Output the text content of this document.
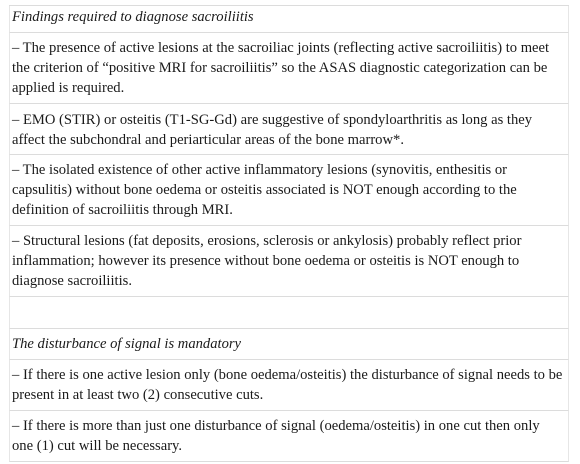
Findings required to diagnose sacroiliitis
– The presence of active lesions at the sacroiliac joints (reflecting active sacroiliitis) to meet the criterion of “positive MRI for sacroiliitis” so the ASAS diagnostic categorization can be applied is required.
– EMO (STIR) or osteitis (T1-SG-Gd) are suggestive of spondyloarthritis as long as they affect the subchondral and periarticular areas of the bone marrow*.
– The isolated existence of other active inflammatory lesions (synovitis, enthesitis or capsulitis) without bone oedema or osteitis associated is NOT enough according to the definition of sacroiliitis through MRI.
– Structural lesions (fat deposits, erosions, sclerosis or ankylosis) probably reflect prior inflammation; however its presence without bone oedema or osteitis is NOT enough to diagnose sacroiliitis.
The disturbance of signal is mandatory
– If there is one active lesion only (bone oedema/osteitis) the disturbance of signal needs to be present in at least two (2) consecutive cuts.
– If there is more than just one disturbance of signal (oedema/osteitis) in one cut then only one (1) cut will be necessary.
